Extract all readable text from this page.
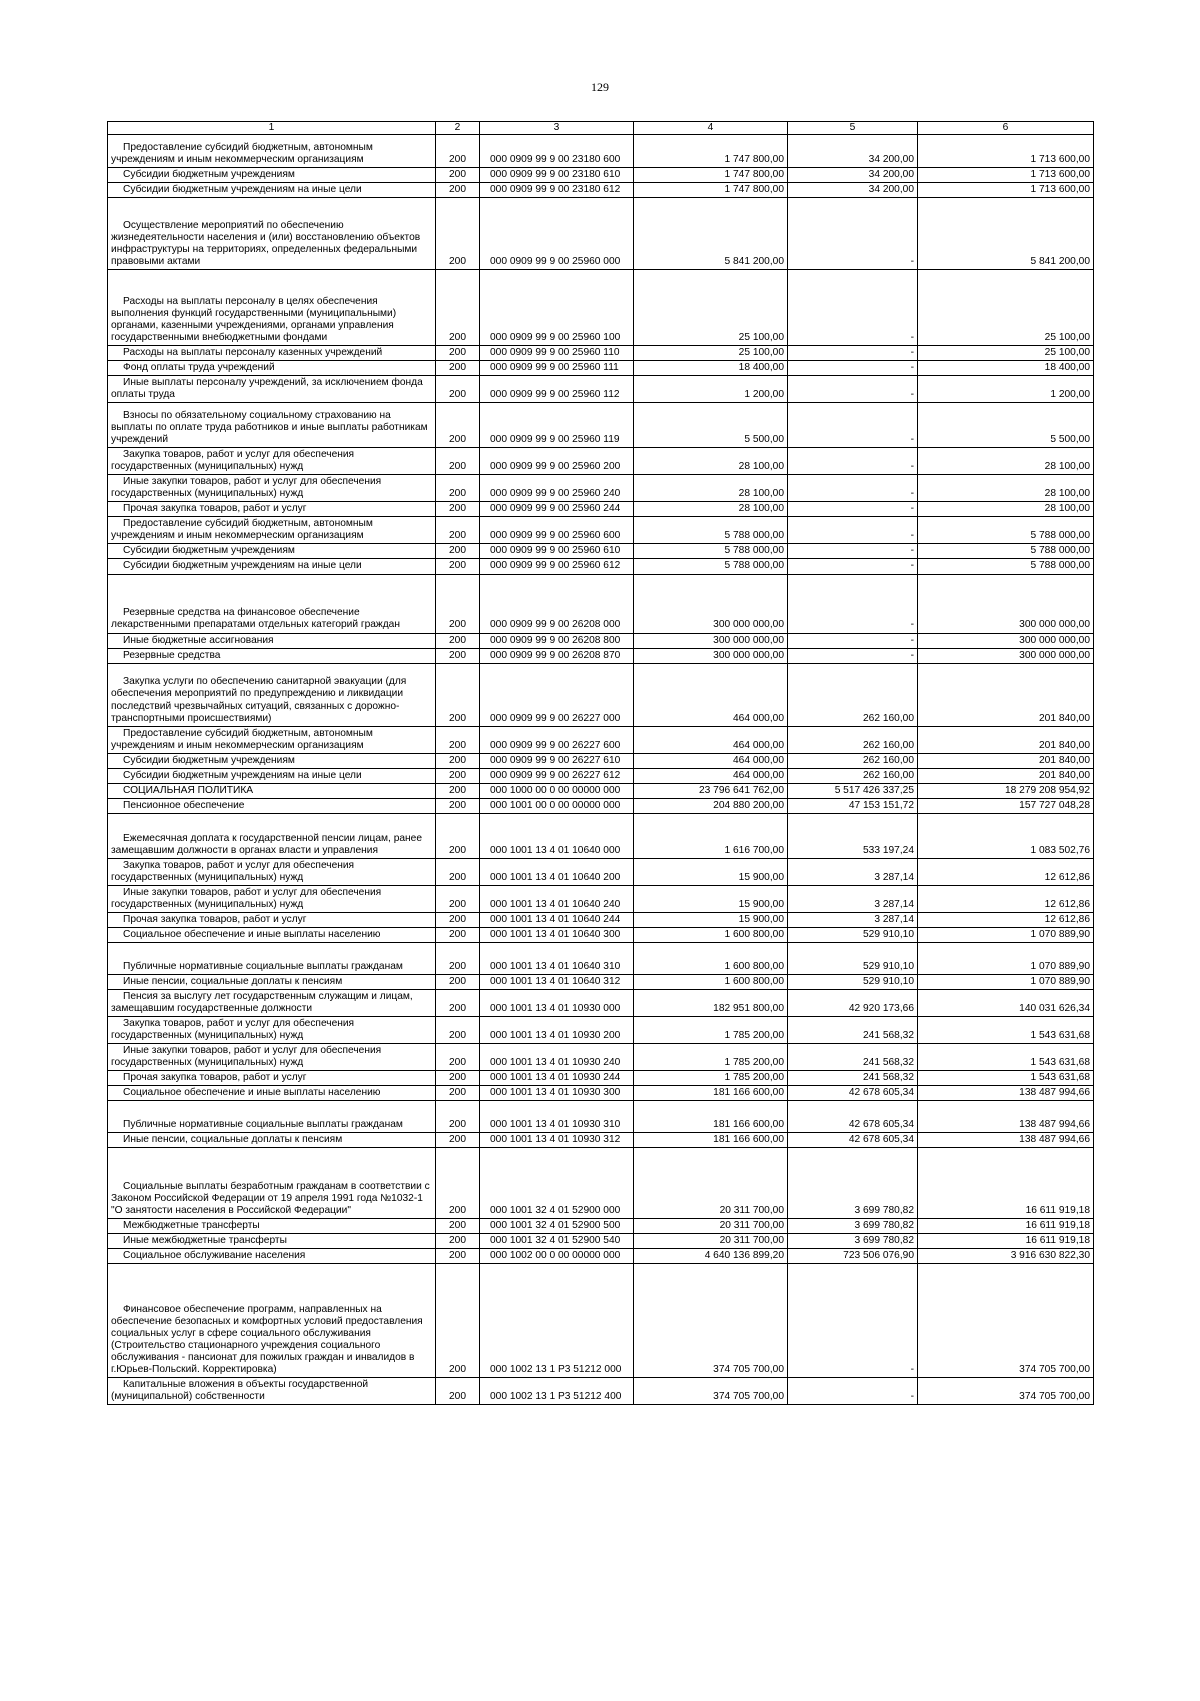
129
1	2	3	4	5	6
Предоставление субсидий бюджетным, автономным учреждениям и иным некоммерческим организациям	200	000 0909 99 9 00 23180 600	1 747 800,00	34 200,00	1 713 600,00
Субсидии бюджетным учреждениям	200	000 0909 99 9 00 23180 610	1 747 800,00	34 200,00	1 713 600,00
Субсидии бюджетным учреждениям на иные цели	200	000 0909 99 9 00 23180 612	1 747 800,00	34 200,00	1 713 600,00
Осуществление мероприятий по обеспечению жизнедеятельности населения и (или) восстановлению объектов инфраструктуры на территориях, определенных федеральными правовыми актами	200	000 0909 99 9 00 25960 000	5 841 200,00	-	5 841 200,00
Расходы на выплаты персоналу в целях обеспечения выполнения функций государственными (муниципальными) органами, казенными учреждениями, органами управления государственными внебюджетными фондами	200	000 0909 99 9 00 25960 100	25 100,00	-	25 100,00
Расходы на выплаты персоналу казенных учреждений	200	000 0909 99 9 00 25960 110	25 100,00	-	25 100,00
Фонд оплаты труда учреждений	200	000 0909 99 9 00 25960 111	18 400,00	-	18 400,00
Иные выплаты персоналу учреждений, за исключением фонда оплаты труда	200	000 0909 99 9 00 25960 112	1 200,00	-	1 200,00
Взносы по обязательному социальному страхованию на выплаты по оплате труда работников и иные выплаты работникам учреждений	200	000 0909 99 9 00 25960 119	5 500,00	-	5 500,00
Закупка товаров, работ и услуг для обеспечения государственных (муниципальных) нужд	200	000 0909 99 9 00 25960 200	28 100,00	-	28 100,00
Иные закупки товаров, работ и услуг для обеспечения государственных (муниципальных) нужд	200	000 0909 99 9 00 25960 240	28 100,00	-	28 100,00
Прочая закупка товаров, работ и услуг	200	000 0909 99 9 00 25960 244	28 100,00	-	28 100,00
Предоставление субсидий бюджетным, автономным учреждениям и иным некоммерческим организациям	200	000 0909 99 9 00 25960 600	5 788 000,00	-	5 788 000,00
Субсидии бюджетным учреждениям	200	000 0909 99 9 00 25960 610	5 788 000,00	-	5 788 000,00
Субсидии бюджетным учреждениям на иные цели	200	000 0909 99 9 00 25960 612	5 788 000,00	-	5 788 000,00
Резервные средства на финансовое обеспечение лекарственными препаратами отдельных категорий граждан	200	000 0909 99 9 00 26208 000	300 000 000,00	-	300 000 000,00
Иные бюджетные ассигнования	200	000 0909 99 9 00 26208 800	300 000 000,00	-	300 000 000,00
Резервные средства	200	000 0909 99 9 00 26208 870	300 000 000,00	-	300 000 000,00
Закупка услуги по обеспечению санитарной эвакуации (для обеспечения мероприятий по предупреждению и ликвидации последствий чрезвычайных ситуаций, связанных с дорожно-транспортными происшествиями)	200	000 0909 99 9 00 26227 000	464 000,00	262 160,00	201 840,00
Предоставление субсидий бюджетным, автономным учреждениям и иным некоммерческим организациям	200	000 0909 99 9 00 26227 600	464 000,00	262 160,00	201 840,00
Субсидии бюджетным учреждениям	200	000 0909 99 9 00 26227 610	464 000,00	262 160,00	201 840,00
Субсидии бюджетным учреждениям на иные цели	200	000 0909 99 9 00 26227 612	464 000,00	262 160,00	201 840,00
СОЦИАЛЬНАЯ ПОЛИТИКА	200	000 1000 00 0 00 00000 000	23 796 641 762,00	5 517 426 337,25	18 279 208 954,92
Пенсионное обеспечение	200	000 1001 00 0 00 00000 000	204 880 200,00	47 153 151,72	157 727 048,28
Ежемесячная доплата к государственной пенсии лицам, ранее замещавшим должности в органах власти и управления	200	000 1001 13 4 01 10640 000	1 616 700,00	533 197,24	1 083 502,76
Закупка товаров, работ и услуг для обеспечения государственных (муниципальных) нужд	200	000 1001 13 4 01 10640 200	15 900,00	3 287,14	12 612,86
Иные закупки товаров, работ и услуг для обеспечения государственных (муниципальных) нужд	200	000 1001 13 4 01 10640 240	15 900,00	3 287,14	12 612,86
Прочая закупка товаров, работ и услуг	200	000 1001 13 4 01 10640 244	15 900,00	3 287,14	12 612,86
Социальное обеспечение и иные выплаты населению	200	000 1001 13 4 01 10640 300	1 600 800,00	529 910,10	1 070 889,90
Публичные нормативные социальные выплаты гражданам	200	000 1001 13 4 01 10640 310	1 600 800,00	529 910,10	1 070 889,90
Иные пенсии, социальные доплаты к пенсиям	200	000 1001 13 4 01 10640 312	1 600 800,00	529 910,10	1 070 889,90
Пенсия за выслугу лет государственным служащим и лицам, замещавшим государственные должности	200	000 1001 13 4 01 10930 000	182 951 800,00	42 920 173,66	140 031 626,34
Закупка товаров, работ и услуг для обеспечения государственных (муниципальных) нужд	200	000 1001 13 4 01 10930 200	1 785 200,00	241 568,32	1 543 631,68
Иные закупки товаров, работ и услуг для обеспечения государственных (муниципальных) нужд	200	000 1001 13 4 01 10930 240	1 785 200,00	241 568,32	1 543 631,68
Прочая закупка товаров, работ и услуг	200	000 1001 13 4 01 10930 244	1 785 200,00	241 568,32	1 543 631,68
Социальное обеспечение и иные выплаты населению	200	000 1001 13 4 01 10930 300	181 166 600,00	42 678 605,34	138 487 994,66
Публичные нормативные социальные выплаты гражданам	200	000 1001 13 4 01 10930 310	181 166 600,00	42 678 605,34	138 487 994,66
Иные пенсии, социальные доплаты к пенсиям	200	000 1001 13 4 01 10930 312	181 166 600,00	42 678 605,34	138 487 994,66
Социальные выплаты безработным гражданам в соответствии с Законом Российской Федерации от 19 апреля 1991 года №1032-1 "О занятости населения в Российской Федерации"	200	000 1001 32 4 01 52900 000	20 311 700,00	3 699 780,82	16 611 919,18
Межбюджетные трансферты	200	000 1001 32 4 01 52900 500	20 311 700,00	3 699 780,82	16 611 919,18
Иные межбюджетные трансферты	200	000 1001 32 4 01 52900 540	20 311 700,00	3 699 780,82	16 611 919,18
Социальное обслуживание населения	200	000 1002 00 0 00 00000 000	4 640 136 899,20	723 506 076,90	3 916 630 822,30
Финансовое обеспечение программ, направленных на обеспечение безопасных и комфортных условий предоставления социальных услуг в сфере социального обслуживания (Строительство стационарного учреждения социального обслуживания - пансионат для пожилых граждан и инвалидов в г.Юрьев-Польский. Корректировка)	200	000 1002 13 1 P3 51212 000	374 705 700,00	-	374 705 700,00
Капитальные вложения в объекты государственной (муниципальной) собственности	200	000 1002 13 1 P3 51212 400	374 705 700,00	-	374 705 700,00
